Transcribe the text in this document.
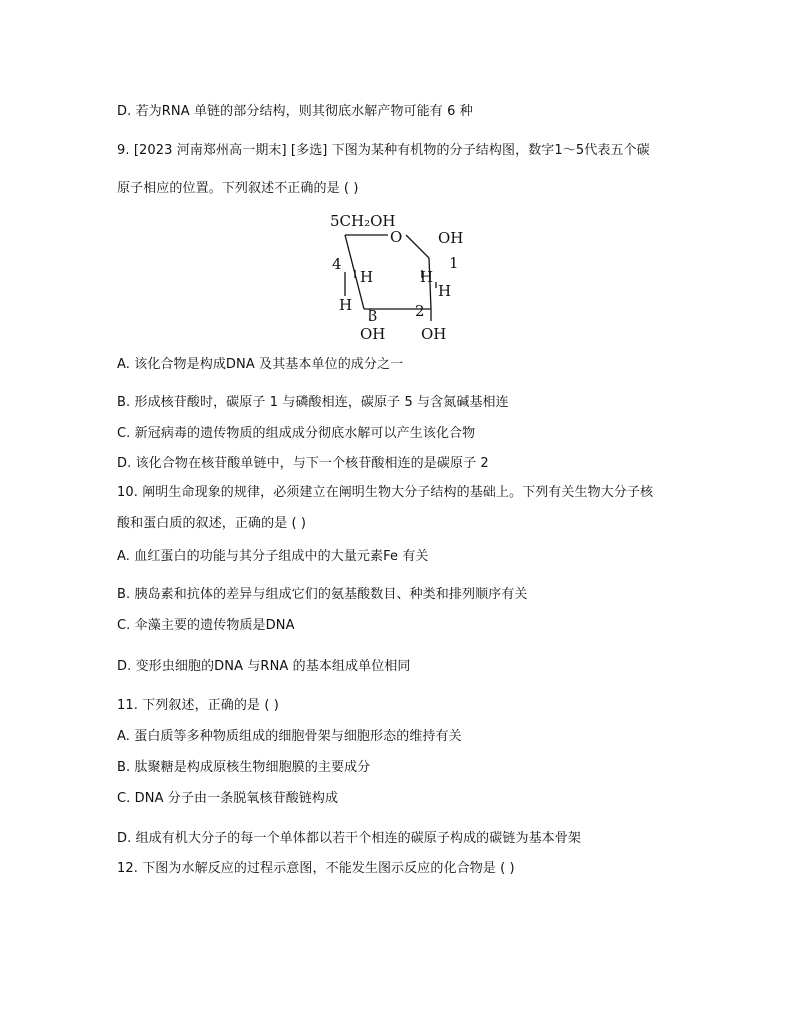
D. 若为RNA 单链的部分结构，则其彻底水解产物可能有 6 种
9. [2023 河南郑州高一期末] [多选] 下图为某种有机物的分子结构图，数字1～5代表五个碳
原子相应的位置。下列叙述不正确的是 ( )
5CH₂OH
O OH
4	1
H	H
H
H
3 2
OH OH
A. 该化合物是构成DNA 及其基本单位的成分之一
B. 形成核苷酸时，碳原子 1 与磷酸相连，碳原子 5 与含氮碱基相连
C. 新冠病毒的遗传物质的组成成分彻底水解可以产生该化合物
D. 该化合物在核苷酸单链中，与下一个核苷酸相连的是碳原子 2
10. 阐明生命现象的规律，必须建立在阐明生物大分子结构的基础上。下列有关生物大分子核
酸和蛋白质的叙述，正确的是 ( )
A. 血红蛋白的功能与其分子组成中的大量元素Fe 有关
B. 胰岛素和抗体的差异与组成它们的氨基酸数目、种类和排列顺序有关
C. 伞藻主要的遗传物质是DNA
D. 变形虫细胞的DNA 与RNA 的基本组成单位相同
11. 下列叙述，正确的是 ( )
A. 蛋白质等多种物质组成的细胞骨架与细胞形态的维持有关
B. 肽聚糖是构成原核生物细胞膜的主要成分
C. DNA 分子由一条脱氧核苷酸链构成
D. 组成有机大分子的每一个单体都以若干个相连的碳原子构成的碳链为基本骨架
12. 下图为水解反应的过程示意图，不能发生图示反应的化合物是 ( )
